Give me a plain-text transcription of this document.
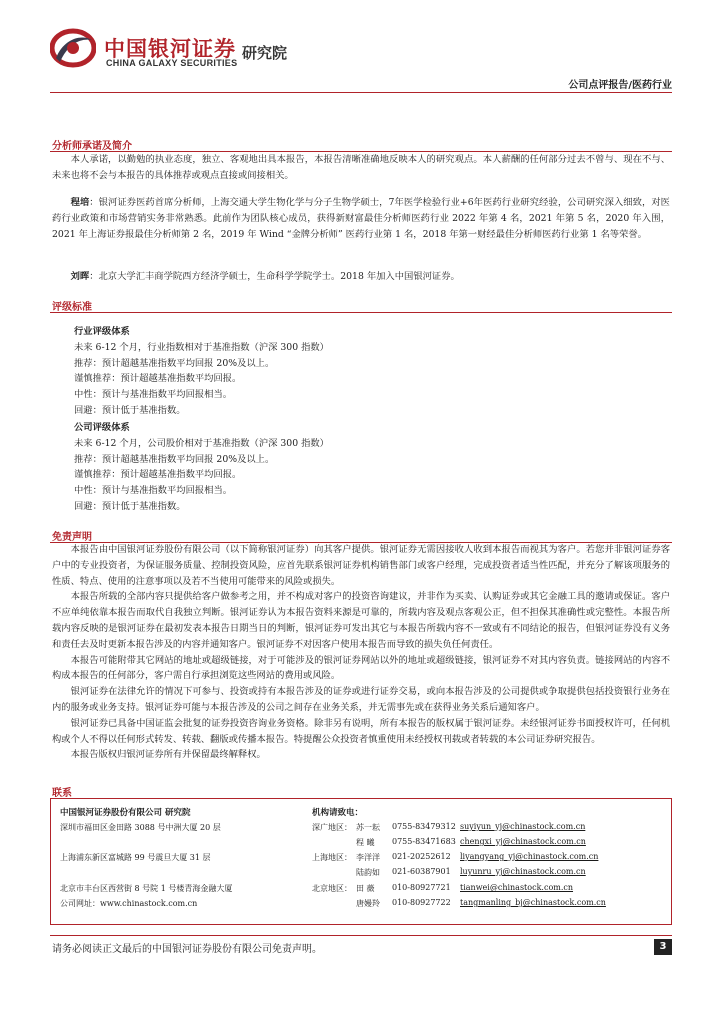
中国银河证券
CHINA GALAXY SECURITIES
研究院
公司点评报告/医药行业
分析师承诺及简介
本人承诺，以勤勉的执业态度，独立、客观地出具本报告，本报告清晰准确地反映本人的研究观点。本人薪酬的任何部分过去不曾与、现在不与、未来也将不会与本报告的具体推荐或观点直接或间接相关。
程培：银河证券医药首席分析师，上海交通大学生物化学与分子生物学硕士，7年医学检验行业+6年医药行业研究经验，公司研究深入细致，对医药行业政策和市场营销实务非常熟悉。此前作为团队核心成员，获得新财富最佳分析师医药行业 2022 年第 4 名，2021 年第 5 名，2020 年入围，2021 年上海证券报最佳分析师第 2 名，2019 年 Wind “金牌分析师” 医药行业第 1 名，2018 年第一财经最佳分析师医药行业第 1 名等荣誉。
刘晖：北京大学汇丰商学院西方经济学硕士，生命科学学院学士。2018 年加入中国银河证券。
评级标准
行业评级体系
未来 6-12 个月，行业指数相对于基准指数（沪深 300 指数）
推荐：预计超越基准指数平均回报 20%及以上。
谨慎推荐：预计超越基准指数平均回报。
中性：预计与基准指数平均回报相当。
回避：预计低于基准指数。
公司评级体系
未来 6-12 个月，公司股价相对于基准指数（沪深 300 指数）
推荐：预计超越基准指数平均回报 20%及以上。
谨慎推荐：预计超越基准指数平均回报。
中性：预计与基准指数平均回报相当。
回避：预计低于基准指数。
免责声明
本报告由中国银河证券股份有限公司（以下简称银河证券）向其客户提供。银河证券无需因接收人收到本报告而视其为客户。若您并非银河证券客户中的专业投资者，为保证服务质量、控制投资风险，应首先联系银河证券机构销售部门或客户经理，完成投资者适当性匹配，并充分了解该项服务的性质、特点、使用的注意事项以及若不当使用可能带来的风险或损失。
本报告所载的全部内容只提供给客户做参考之用，并不构成对客户的投资咨询建议，并非作为买卖、认购证券或其它金融工具的邀请或保证。客户不应单纯依靠本报告而取代自我独立判断。银河证券认为本报告资料来源是可靠的，所载内容及观点客观公正，但不担保其准确性或完整性。本报告所载内容反映的是银河证券在最初发表本报告日期当日的判断，银河证券可发出其它与本报告所载内容不一致或有不同结论的报告，但银河证券没有义务和责任去及时更新本报告涉及的内容并通知客户。银河证券不对因客户使用本报告而导致的损失负任何责任。
本报告可能附带其它网站的地址或超级链接，对于可能涉及的银河证券网站以外的地址或超级链接，银河证券不对其内容负责。链接网站的内容不构成本报告的任何部分，客户需自行承担浏览这些网站的费用或风险。
银河证券在法律允许的情况下可参与、投资或持有本报告涉及的证券或进行证券交易，或向本报告涉及的公司提供或争取提供包括投资银行业务在内的服务或业务支持。银河证券可能与本报告涉及的公司之间存在业务关系，并无需事先或在获得业务关系后通知客户。
银河证券已具备中国证监会批复的证券投资咨询业务资格。除非另有说明，所有本报告的版权属于银河证券。未经银河证券书面授权许可，任何机构或个人不得以任何形式转发、转载、翻版或传播本报告。特提醒公众投资者慎重使用未经授权刊载或者转载的本公司证券研究报告。
本报告版权归银河证券所有并保留最终解释权。
联系
中国银河证券股份有限公司 研究院
深圳市福田区金田路 3088 号中洲大厦 20 层
上海浦东新区富城路 99 号震旦大厦 31 层
北京市丰台区西营街 8 号院 1 号楼青海金融大厦
公司网址：www.chinastock.com.cn
机构请致电：
深广地区： 苏一耘 0755-83479312 suyiyun_yj@chinastock.com.cn
程 曦 0755-83471683 chengxi_yj@chinastock.com.cn
上海地区： 李洋洋 021-20252612 liyangyang_yj@chinastock.com.cn
陆韵如 021-60387901 luyunru_yj@chinastock.com.cn
北京地区： 田 薇 010-80927721 tianwei@chinastock.com.cn
唐嫚羚 010-80927722 tangmanling_bj@chinastock.com.cn
请务必阅读正文最后的中国银河证券股份有限公司免责声明。	3
